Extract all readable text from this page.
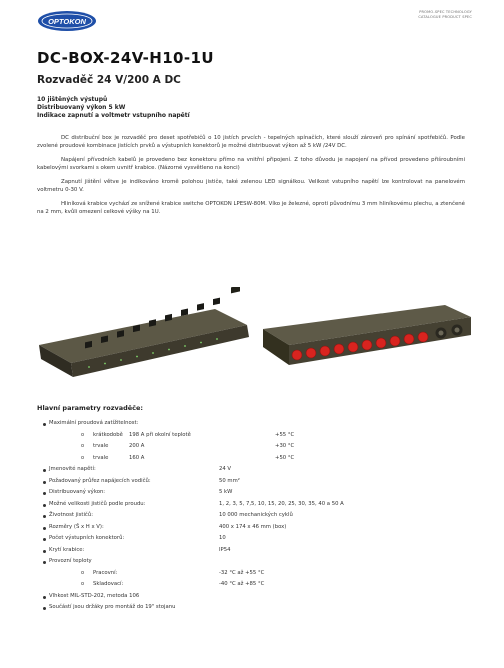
OPTOKON
PROMO-SPEC TECHNOLOGY
CATALOGUE PRODUCT SPEC
DC-BOX-24V-H10-1U
Rozvaděč 24 V/200 A DC
10 jištěných výstupů
Distribuovaný výkon 5 kW
Indikace zapnutí a voltmetr vstupního napětí

DC distribuční box je rozvaděč pro deset spotřebičů o 10 jistích prvcích - tepelných spínačích, které slouží zároveň pro spínání spotřebičů. Podle zvolené proudové kombinace jistících prvků a výstupních konektorů je možné distribuovat výkon až 5 kW /24V DC.

Napájení přívodních kabelů je provedeno bez konektoru přímo na vnitřní připojení. Z toho důvodu je napojení na přívod provedeno přišroubními kabelovými svorkami s okem uvnitř krabice. (Názorné vysvětleno na konci)

Zapnutí jištění větve je indikováno kromě polohou jističe, také zelenou LED signálkou. Velikost vstupního napětí lze kontrolovat na panelovém voltmetru 0-30 V.

Hliníková krabice vychází ze snížené krabice switche OPTOKON LPESW-80M. Víko je železné, oproti původnímu 3 mm hliníkovému plechu, a ztenčené na 2 mm, kvůli omezení celkové výšky na 1U.

Hlavní parametry rozvaděče:
Maximální proudová zatížitelnost:
o krátkodobě 198 A při okolní teplotě	+55 °C
o trvale	200 A	+30 °C
o trvale	160 A	+50 °C
Jmenovité napětí:	24 V
Požadovaný průřez napájecích vodičů:	50 mm²
Distribuovaný výkon:	5 kW
Možné velikosti jističů podle proudu:	1, 2, 3, 5, 7,5, 10, 15, 20, 25, 30, 35, 40 a 50 A
Životnost jističů:	10 000 mechanických cyklů
Rozměry (Š x H x V):	400 x 174 x 46 mm (box)
Počet výstupních konektorů:	10
Krytí krabice:	IP54
Provozní teploty
o Pracovní:	-32 °C až +55 °C
o Skladovací:	-40 °C až +85 °C
Vlhkost MIL-STD-202, metoda 106
Součástí jsou držáky pro montáž do 19" stojanu
